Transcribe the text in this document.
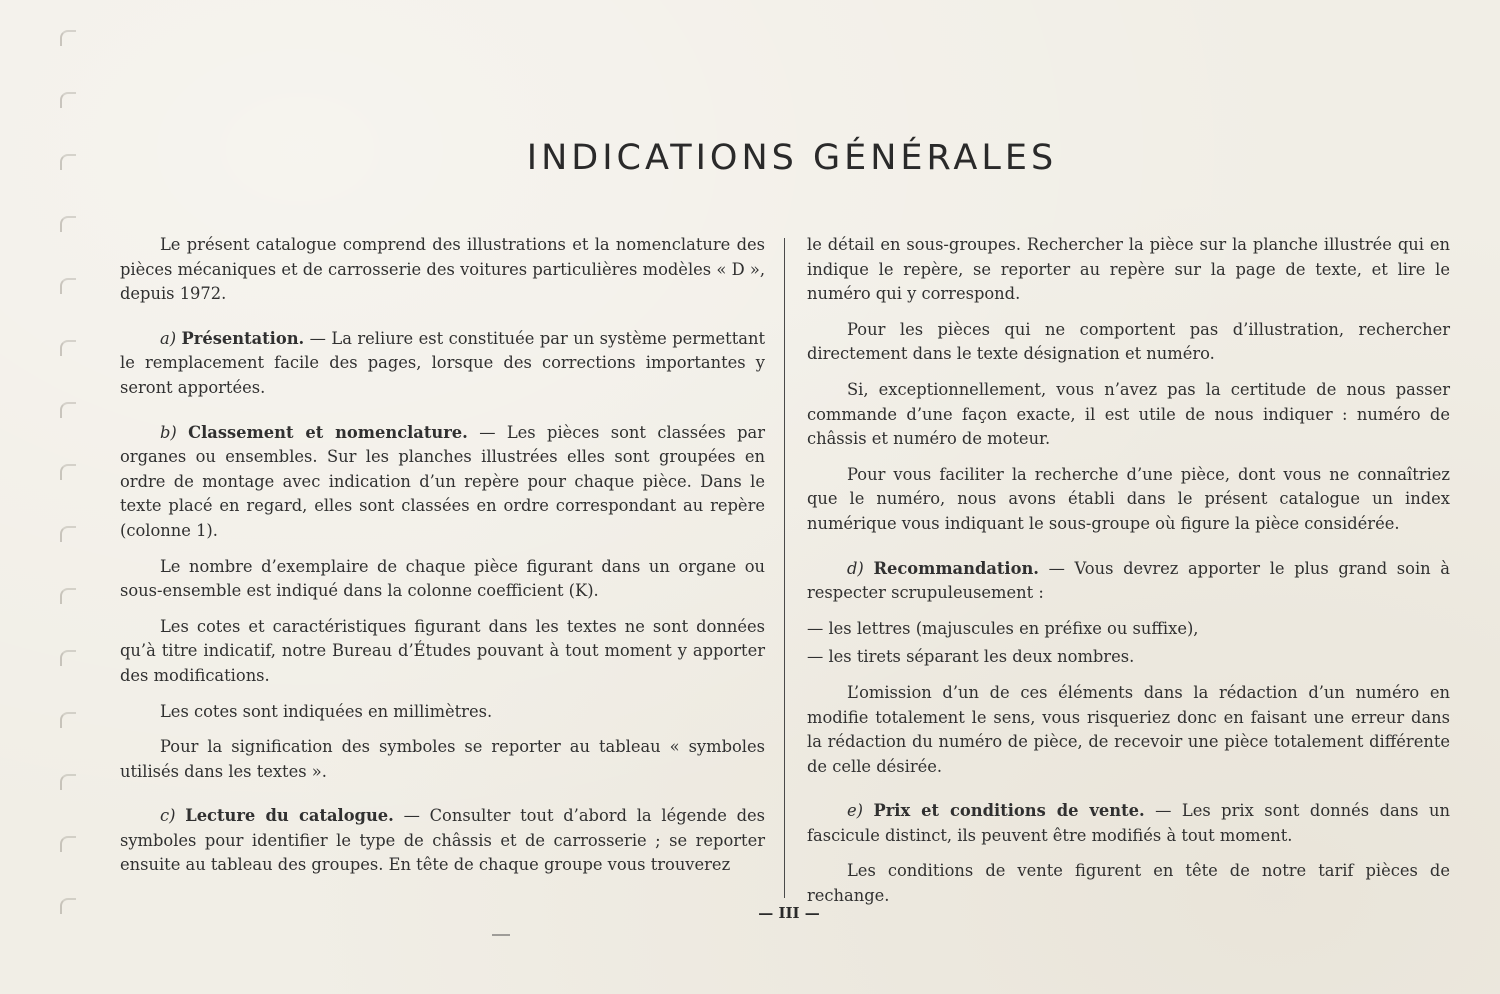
INDICATIONS GÉNÉRALES

Le présent catalogue comprend des illustrations et la nomenclature des pièces mécaniques et de carrosserie des voitures particulières modèles « D », depuis 1972.

a) Présentation. — La reliure est constituée par un système permettant le remplacement facile des pages, lorsque des corrections importantes y seront apportées.

b) Classement et nomenclature. — Les pièces sont classées par organes ou ensembles. Sur les planches illustrées elles sont groupées en ordre de montage avec indication d’un repère pour chaque pièce. Dans le texte placé en regard, elles sont classées en ordre correspondant au repère (colonne 1).

Le nombre d’exemplaire de chaque pièce figurant dans un organe ou sous-ensemble est indiqué dans la colonne coefficient (K).

Les cotes et caractéristiques figurant dans les textes ne sont données qu’à titre indicatif, notre Bureau d’Études pouvant à tout moment y apporter des modifications.

Les cotes sont indiquées en millimètres.

Pour la signification des symboles se reporter au tableau « symboles utilisés dans les textes ».

c) Lecture du catalogue. — Consulter tout d’abord la légende des symboles pour identifier le type de châssis et de carrosserie ; se reporter ensuite au tableau des groupes. En tête de chaque groupe vous trouverez

le détail en sous-groupes. Rechercher la pièce sur la planche illustrée qui en indique le repère, se reporter au repère sur la page de texte, et lire le numéro qui y correspond.

Pour les pièces qui ne comportent pas d’illustration, rechercher directement dans le texte désignation et numéro.

Si, exceptionnellement, vous n’avez pas la certitude de nous passer commande d’une façon exacte, il est utile de nous indiquer : numéro de châssis et numéro de moteur.

Pour vous faciliter la recherche d’une pièce, dont vous ne connaîtriez que le numéro, nous avons établi dans le présent catalogue un index numérique vous indiquant le sous-groupe où figure la pièce considérée.

d) Recommandation. — Vous devrez apporter le plus grand soin à respecter scrupuleusement :

— les lettres (majuscules en préfixe ou suffixe),

— les tirets séparant les deux nombres.

L’omission d’un de ces éléments dans la rédaction d’un numéro en modifie totalement le sens, vous risqueriez donc en faisant une erreur dans la rédaction du numéro de pièce, de recevoir une pièce totalement différente de celle désirée.

e) Prix et conditions de vente. — Les prix sont donnés dans un fascicule distinct, ils peuvent être modifiés à tout moment.

Les conditions de vente figurent en tête de notre tarif pièces de rechange.

— III —
